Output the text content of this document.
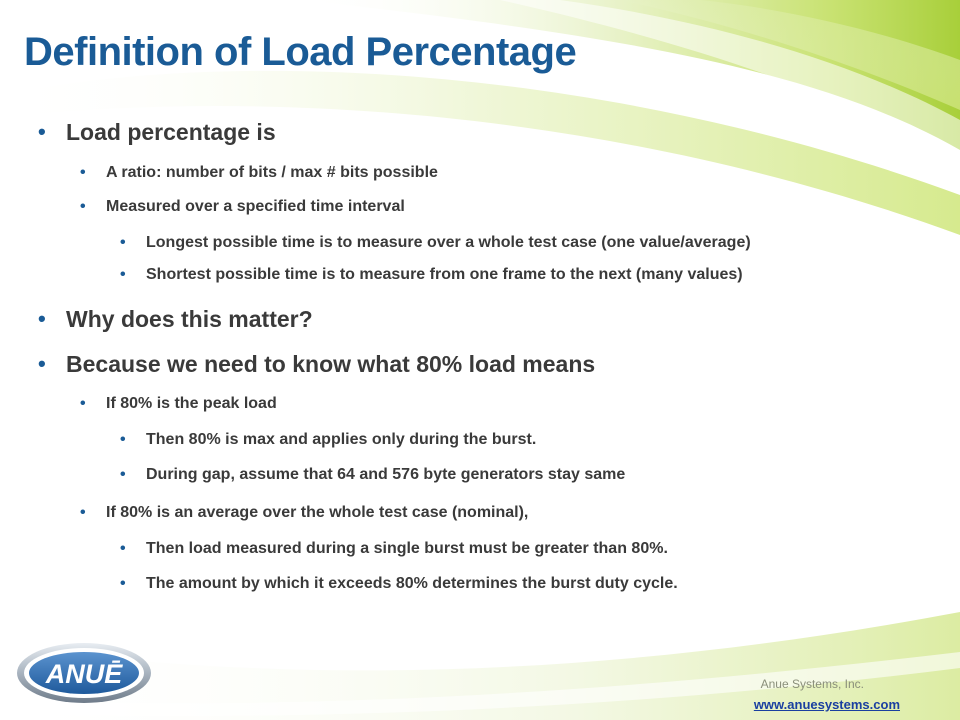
Definition of Load Percentage
• Load percentage is
•	A ratio: number of bits / max # bits possible
•	Measured over a specified time interval
•	Longest possible time is to measure over a whole test case (one value/average)
•	Shortest possible time is to measure from one frame to the next (many values)
• Why does this matter?
• Because we need to know what 80% load means
•	If 80% is the peak load
•	Then 80% is max and applies only during the burst.
•	During gap, assume that 64 and 576 byte generators stay same
•	If 80% is an average over the whole test case (nominal),
•	Then load measured during a single burst must be greater than 80%.
•	The amount by which it exceeds 80% determines the burst duty cycle.
ANUĒ	Anue Systems, Inc.

www.anuesystems.com
